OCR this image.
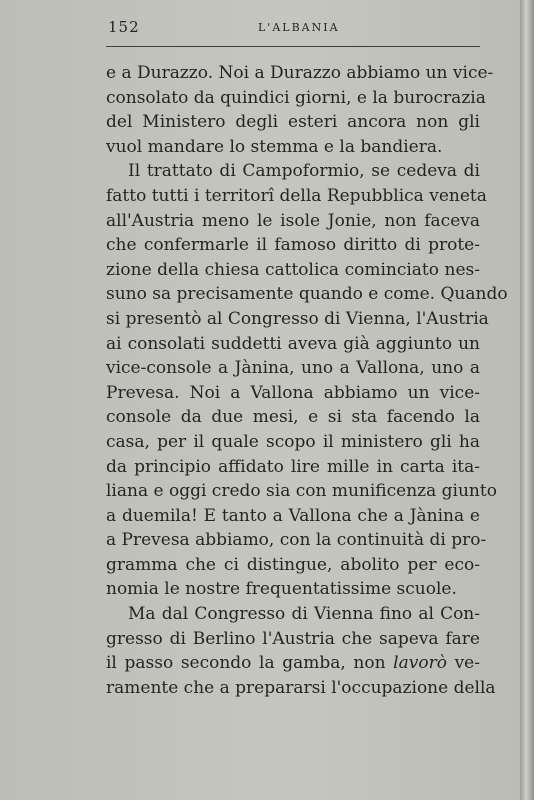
152	L'ALBANIA
e a Durazzo. Noi a Durazzo abbiamo un vice-
consolato da quindici giorni, e la burocrazia
del Ministero degli esteri ancora non gli
vuol mandare lo stemma e la bandiera.
Il trattato di Campoformio, se cedeva di
fatto tutti i territorî della Repubblica veneta
all'Austria meno le isole Jonie, non faceva
che confermarle il famoso diritto di prote-
zione della chiesa cattolica cominciato nes-
suno sa precisamente quando e come. Quando
si presentò al Congresso di Vienna, l'Austria
ai consolati suddetti aveva già aggiunto un
vice-console a Jànina, uno a Vallona, uno a
Prevesa. Noi a Vallona abbiamo un vice-
console da due mesi, e si sta facendo la
casa, per il quale scopo il ministero gli ha
da principio affidato lire mille in carta ita-
liana e oggi credo sia con munificenza giunto
a duemila! E tanto a Vallona che a Jànina e
a Prevesa abbiamo, con la continuità di pro-
gramma che ci distingue, abolito per eco-
nomia le nostre frequentatissime scuole.
Ma dal Congresso di Vienna fino al Con-
gresso di Berlino l'Austria che sapeva fare
il passo secondo la gamba, non lavorò ve-
ramente che a prepararsi l'occupazione della
